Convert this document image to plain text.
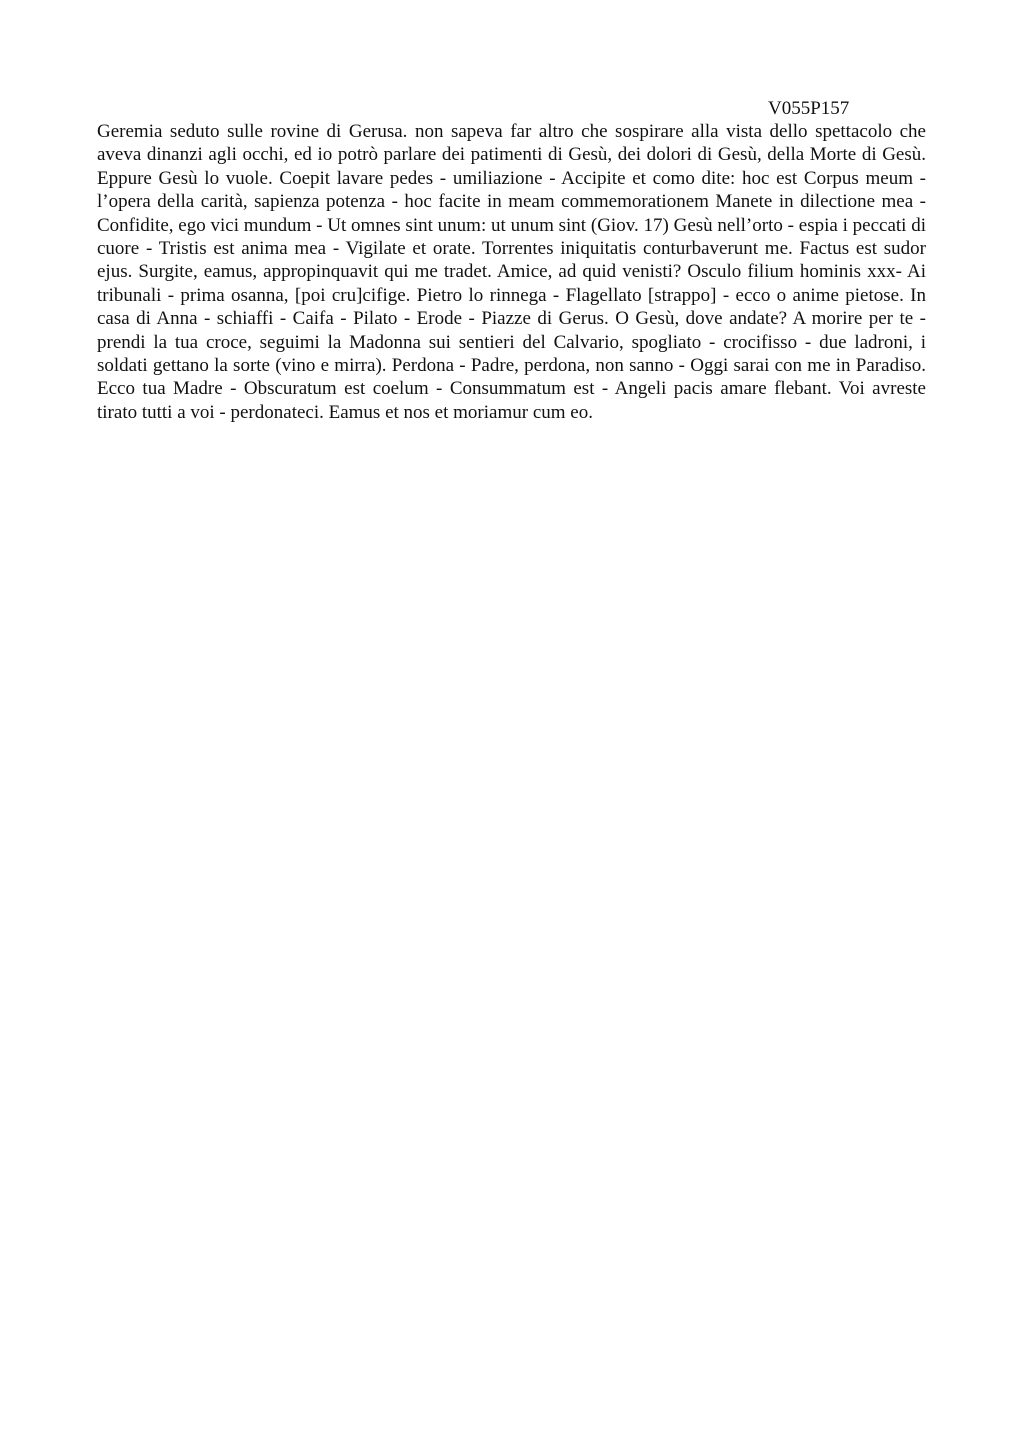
V055P157

Geremia seduto sulle rovine di Gerusa. non sapeva far altro che sospirare alla vista dello spettacolo che aveva dinanzi agli occhi, ed io potrò parlare dei patimenti di Gesù, dei dolori di Gesù, della Morte di Gesù. Eppure Gesù lo vuole. Coepit lavare pedes - umiliazione - Accipite et como dite: hoc est Corpus meum - l’opera della carità, sapienza potenza - hoc facite in meam commemorationem Manete in dilectione mea - Confidite, ego vici mundum - Ut omnes sint unum: ut unum sint (Giov. 17) Gesù nell’orto - espia i peccati di cuore - Tristis est anima mea - Vigilate et orate. Torrentes iniquitatis conturbaverunt me. Factus est sudor ejus. Surgite, eamus, appropinquavit qui me tradet. Amice, ad quid venisti? Osculo filium hominis xxx- Ai tribunali - prima osanna, [poi cru]cifige. Pietro lo rinnega - Flagellato [strappo] - ecco o anime pietose. In casa di Anna - schiaffi - Caifa - Pilato - Erode - Piazze di Gerus. O Gesù, dove andate? A morire per te - prendi la tua croce, seguimi la Madonna sui sentieri del Calvario, spogliato - crocifisso - due ladroni, i soldati gettano la sorte (vino e mirra). Perdona - Padre, perdona, non sanno - Oggi sarai con me in Paradiso. Ecco tua Madre - Obscuratum est coelum - Consummatum est - Angeli pacis amare flebant. Voi avreste tirato tutti a voi - perdonateci. Eamus et nos et moriamur cum eo.
